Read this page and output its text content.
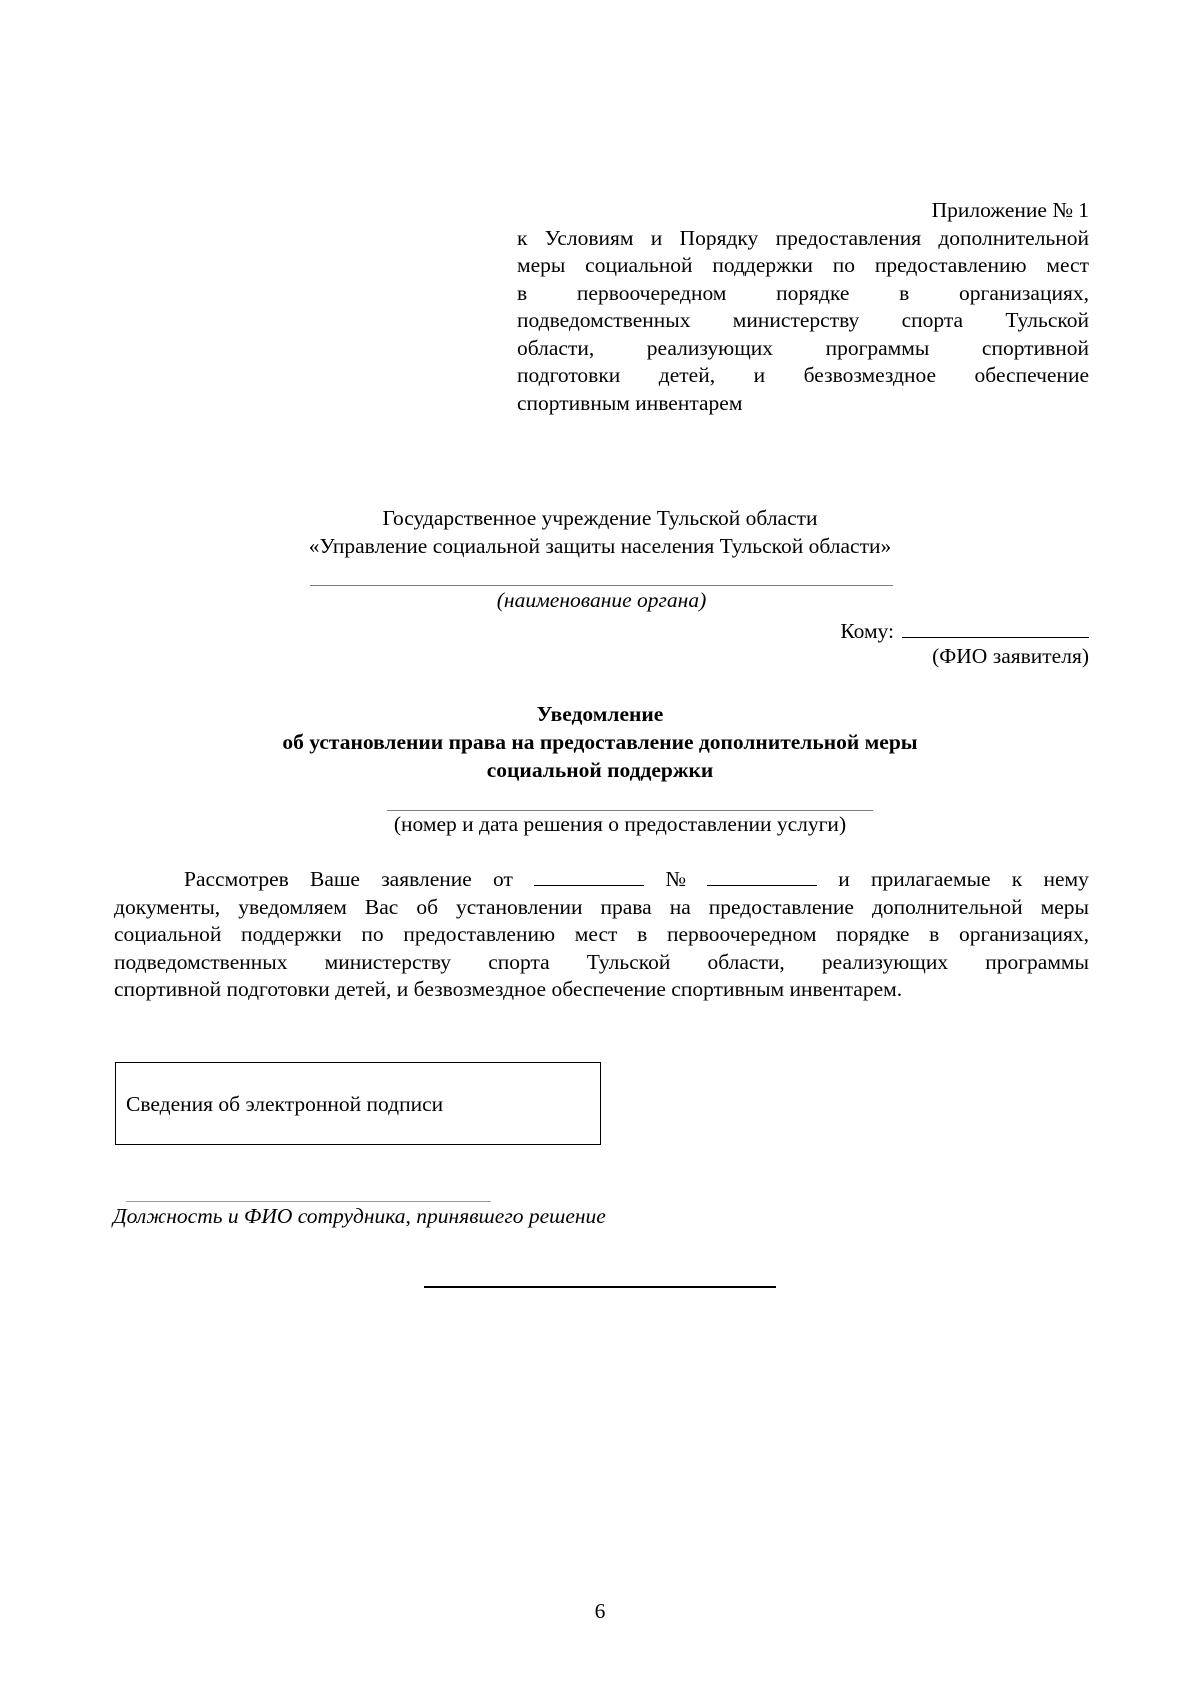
Приложение № 1
к Условиям и Порядку предоставления дополнительной
меры социальной поддержки по предоставлению мест
в первоочередном порядке в организациях,
подведомственных министерству спорта Тульской
области, реализующих программы спортивной
подготовки детей, и безвозмездное обеспечение
спортивным инвентарем
Государственное учреждение Тульской области
«Управление социальной защиты населения Тульской области»
(наименование органа)
Кому:
(ФИО заявителя)
Уведомление
об установлении права на предоставление дополнительной меры
социальной поддержки
(номер и дата решения о предоставлении услуги)
Рассмотрев Ваше заявление от	№	и прилагаемые к нему
документы, уведомляем Вас об установлении права на предоставление дополнительной меры
социальной поддержки по предоставлению мест в первоочередном порядке в организациях,
подведомственных министерству спорта Тульской области, реализующих программы
спортивной подготовки детей, и безвозмездное обеспечение спортивным инвентарем.
Сведения об электронной подписи
Должность и ФИО сотрудника, принявшего решение
6
